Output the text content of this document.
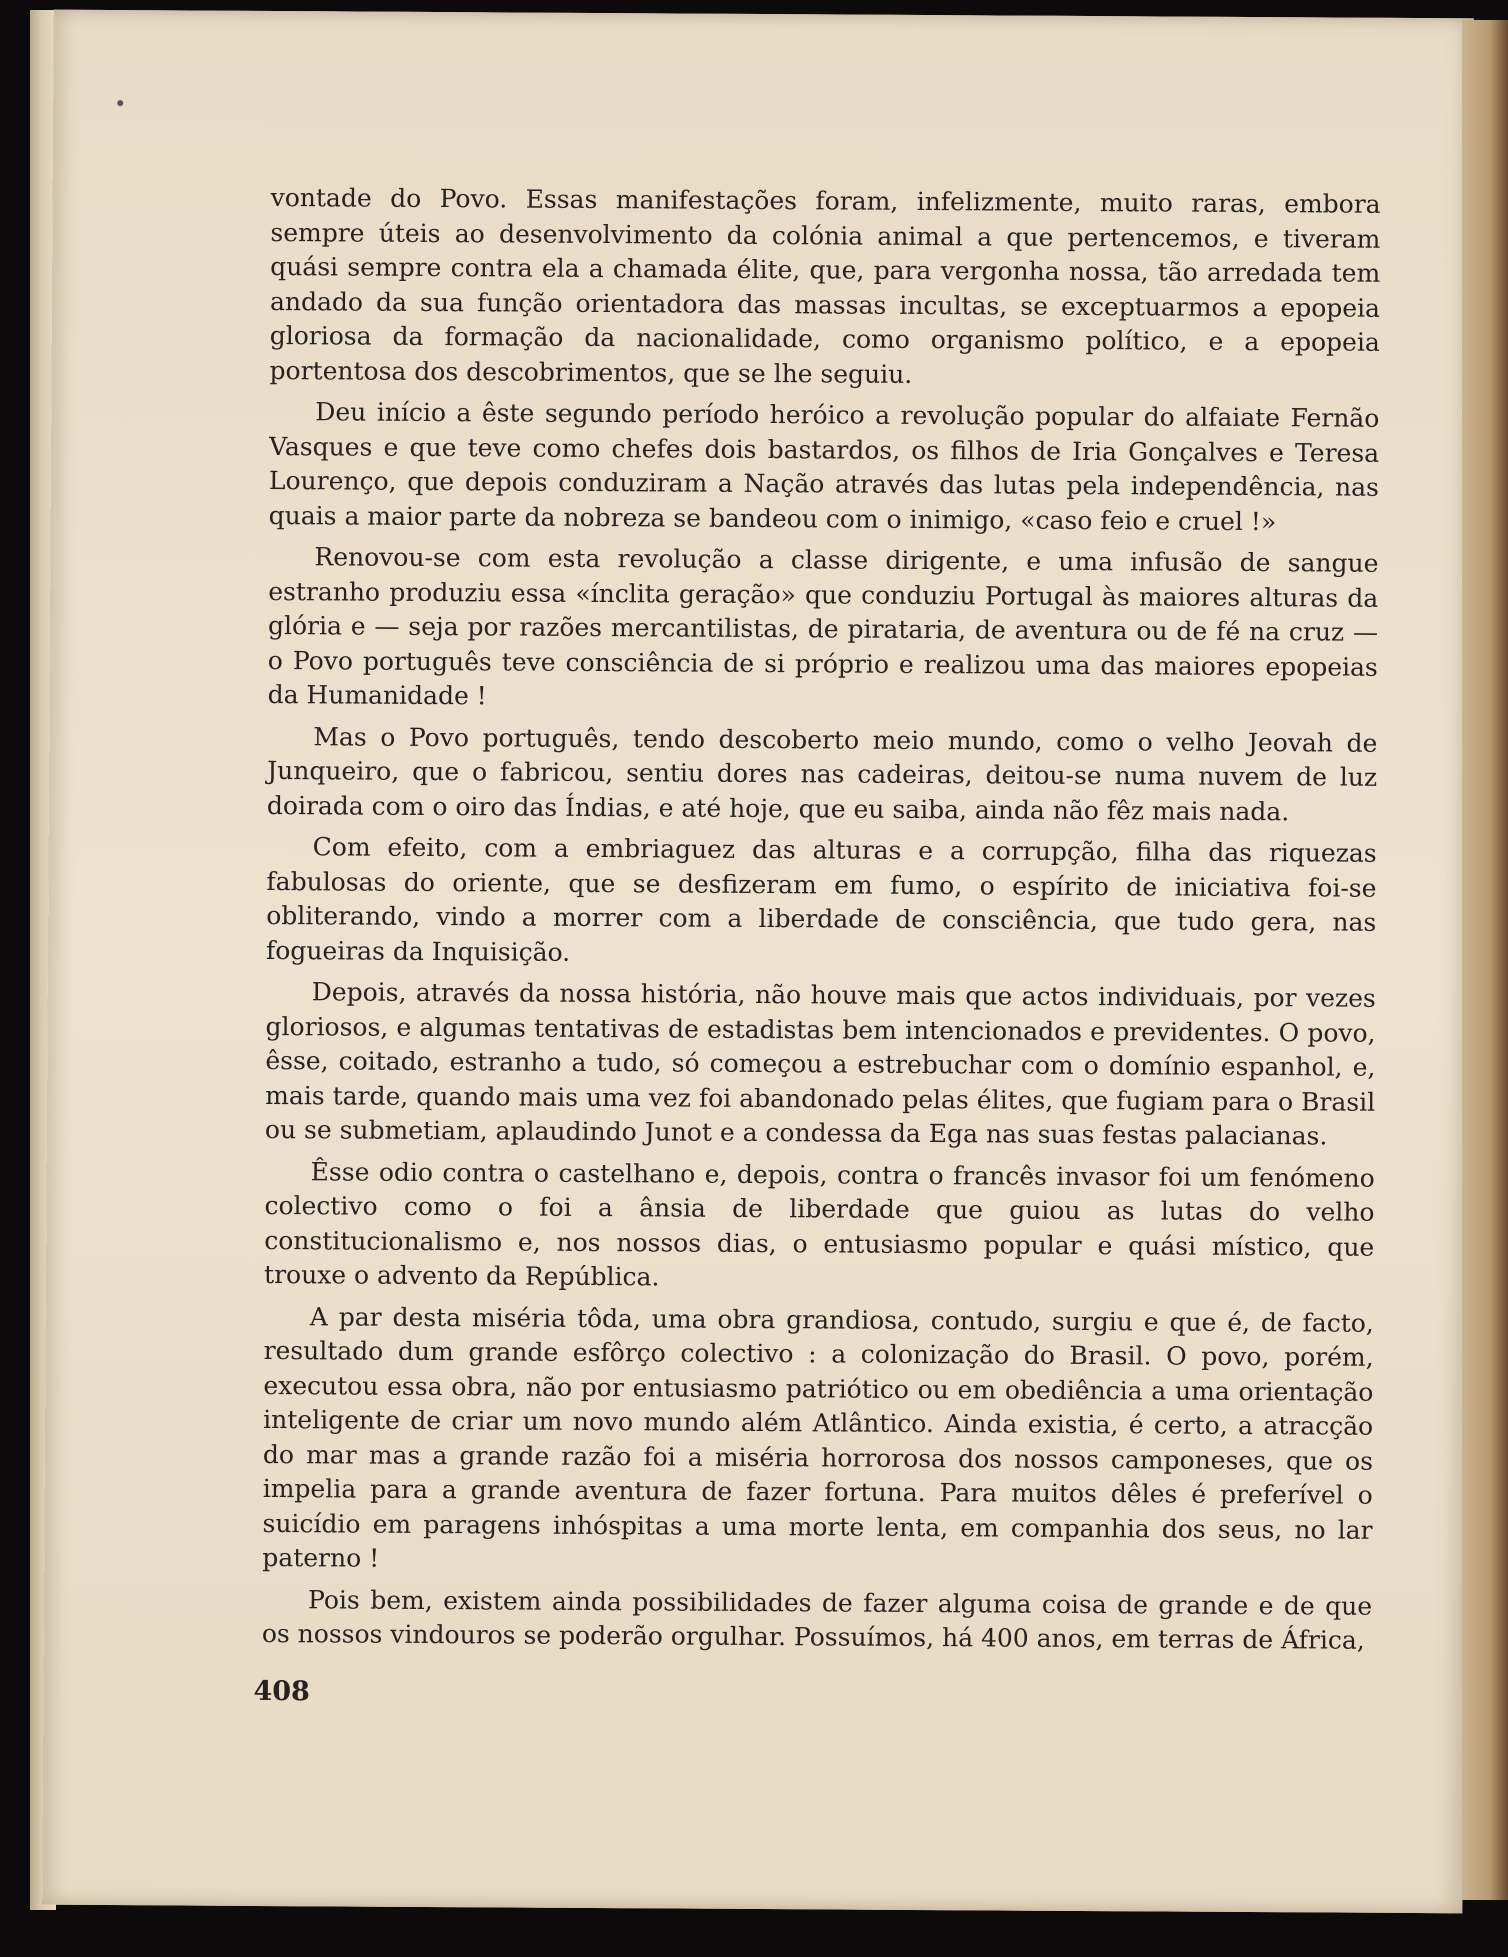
vontade do Povo. Essas manifestações foram, infelizmente, muito raras, embora sempre úteis ao desenvolvimento da colónia animal a que pertencemos, e tiveram quási sempre contra ela a chamada élite, que, para vergonha nossa, tão arredada tem andado da sua função orientadora das massas incultas, se exceptuarmos a epopeia gloriosa da formação da nacionalidade, como organismo político, e a epopeia portentosa dos descobrimentos, que se lhe seguiu.

Deu início a êste segundo período heróico a revolução popular do alfaiate Fernão Vasques e que teve como chefes dois bastardos, os filhos de Iria Gonçalves e Teresa Lourenço, que depois conduziram a Nação através das lutas pela independência, nas quais a maior parte da nobreza se bandeou com o inimigo, «caso feio e cruel !»

Renovou-se com esta revolução a classe dirigente, e uma infusão de sangue estranho produziu essa «ínclita geração» que conduziu Portugal às maiores alturas da glória e — seja por razões mercantilistas, de pirataria, de aventura ou de fé na cruz — o Povo português teve consciência de si próprio e realizou uma das maiores epopeias da Humanidade !

Mas o Povo português, tendo descoberto meio mundo, como o velho Jeovah de Junqueiro, que o fabricou, sentiu dores nas cadeiras, deitou-se numa nuvem de luz doirada com o oiro das Índias, e até hoje, que eu saiba, ainda não fêz mais nada.

Com efeito, com a embriaguez das alturas e a corrupção, filha das riquezas fabulosas do oriente, que se desfizeram em fumo, o espírito de iniciativa foi-se obliterando, vindo a morrer com a liberdade de consciência, que tudo gera, nas fogueiras da Inquisição.

Depois, através da nossa história, não houve mais que actos individuais, por vezes gloriosos, e algumas tentativas de estadistas bem intencionados e previdentes. O povo, êsse, coitado, estranho a tudo, só começou a estrebuchar com o domínio espanhol, e, mais tarde, quando mais uma vez foi abandonado pelas élites, que fugiam para o Brasil ou se submetiam, aplaudindo Junot e a condessa da Ega nas suas festas palacianas.

Êsse odio contra o castelhano e, depois, contra o francês invasor foi um fenómeno colectivo como o foi a ânsia de liberdade que guiou as lutas do velho constitucionalismo e, nos nossos dias, o entusiasmo popular e quási místico, que trouxe o advento da República.

A par desta miséria tôda, uma obra grandiosa, contudo, surgiu e que é, de facto, resultado dum grande esfôrço colectivo : a colonização do Brasil. O povo, porém, executou essa obra, não por entusiasmo patriótico ou em obediência a uma orientação inteligente de criar um novo mundo além Atlântico. Ainda existia, é certo, a atracção do mar mas a grande razão foi a miséria horrorosa dos nossos camponeses, que os impelia para a grande aventura de fazer fortuna. Para muitos dêles é preferível o suicídio em paragens inhóspitas a uma morte lenta, em companhia dos seus, no lar paterno !

Pois bem, existem ainda possibilidades de fazer alguma coisa de grande e de que os nossos vindouros se poderão orgulhar. Possuímos, há 400 anos, em terras de África,

408
